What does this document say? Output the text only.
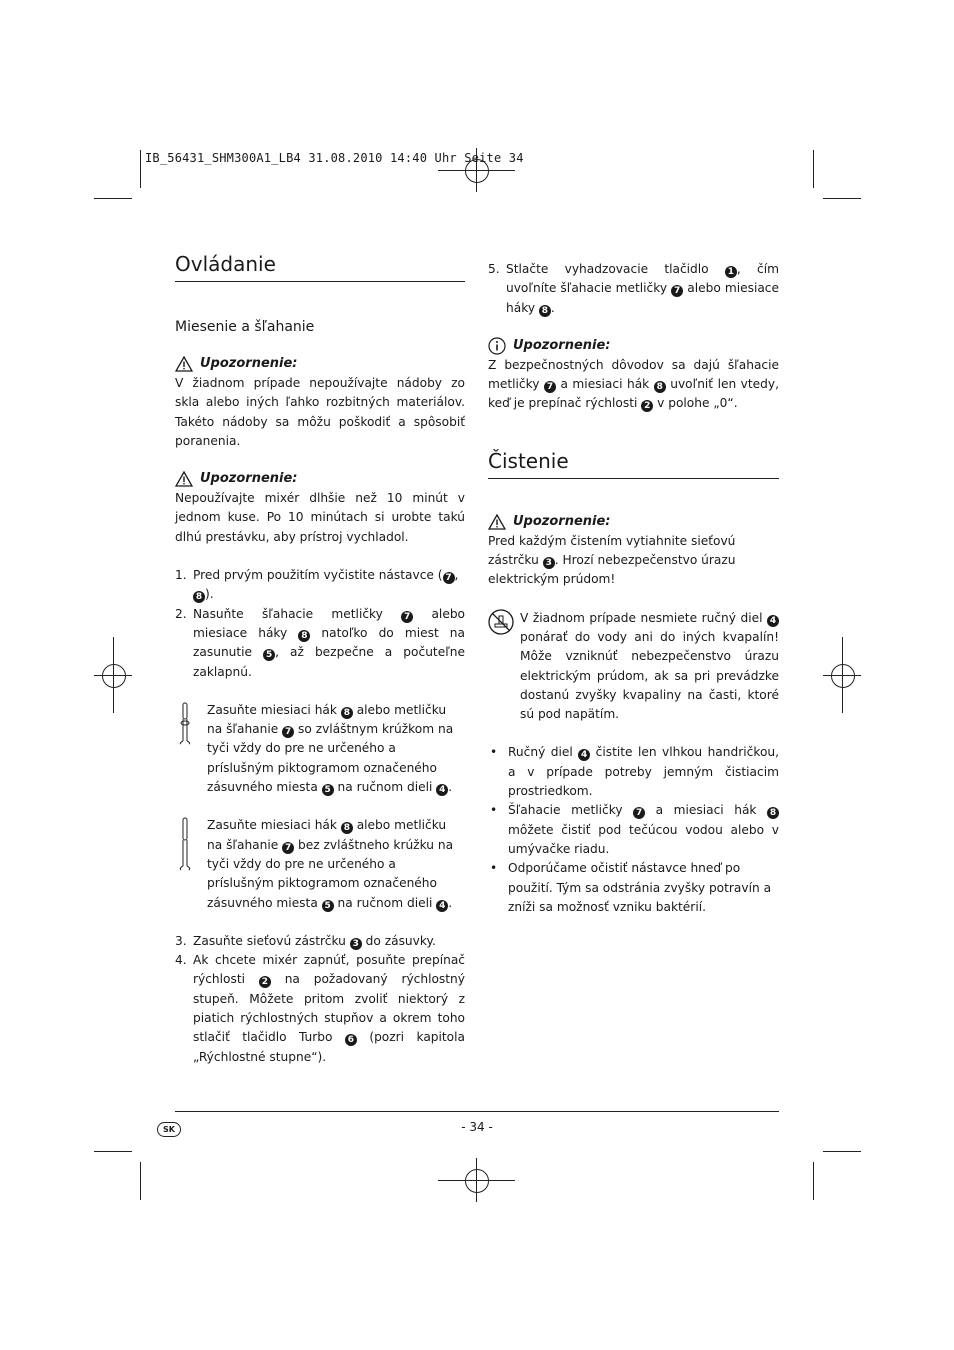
IB_56431_SHM300A1_LB4 31.08.2010 14:40 Uhr Seite 34
Ovládanie
Miesenie a šľahanie
Upozornenie:

V žiadnom prípade nepoužívajte nádoby zo skla alebo iných ľahko rozbitných materiálov. Takéto nádoby sa môžu poškodiť a spôsobiť poranenia.

Upozornenie:

Nepoužívajte mixér dlhšie než 10 minút v jednom kuse. Po 10 minútach si urobte takú dlhú prestávku, aby prístroj vychladol.

1. Pred prvým použitím vyčistite nástavce ( 7 , 8 ).
2. Nasuňte šľahacie metličky 7 alebo miesiace háky 8 natoľko do miest na zasunutie 5 , až bezpečne a počuteľne zaklapnú.
Zasuňte miesiaci hák 8 alebo metličku na šľahanie 7 so zvláštnym krúžkom na tyči vždy do pre ne určeného a príslušným piktogramom označeného zásuvného miesta 5 na ručnom dieli 4 .
Zasuňte miesiaci hák 8 alebo metličku na šľahanie 7 bez zvláštneho krúžku na tyči vždy do pre ne určeného a príslušným piktogramom označeného zásuvného miesta 5 na ručnom dieli 4 .
3. Zasuňte sieťovú zástrčku 3 do zásuvky.
4. Ak chcete mixér zapnúť, posuňte prepínač rýchlosti 2 na požadovaný rýchlostný stupeň. Môžete pritom zvoliť niektorý z piatich rýchlostných stupňov a okrem toho stlačiť tlačidlo Turbo 6 (pozri kapitola „Rýchlostné stupne“).
5. Stlačte vyhadzovacie tlačidlo 1 , čím uvoľníte šľahacie metličky 7 alebo miesiace háky 8 .
Upozornenie:

Z bezpečnostných dôvodov sa dajú šľahacie metličky 7 a miesiaci hák 8 uvoľniť len vtedy, keď je prepínač rýchlosti 2 v polohe „0“.

Čistenie
Upozornenie:

Pred každým čistením vytiahnite sieťovú zástrčku 3 . Hrozí nebezpečenstvo úrazu elektrickým prúdom!

V žiadnom prípade nesmiete ručný diel 4 ponárať do vody ani do iných kvapalín! Môže vzniknúť nebezpečenstvo úrazu elektrickým prúdom, ak sa pri prevádzke dostanú zvyšky kvapaliny na časti, ktoré sú pod napätím.
• Ručný diel 4 čistite len vlhkou handričkou, a v prípade potreby jemným čistiacim prostriedkom.
• Šľahacie metličky 7 a miesiaci hák 8 môžete čistiť pod tečúcou vodou alebo v umývačke riadu.
• Odporúčame očistiť nástavce hneď po použití. Tým sa odstránia zvyšky potravín a zníži sa možnosť vzniku baktérií.
SK	- 34 -
